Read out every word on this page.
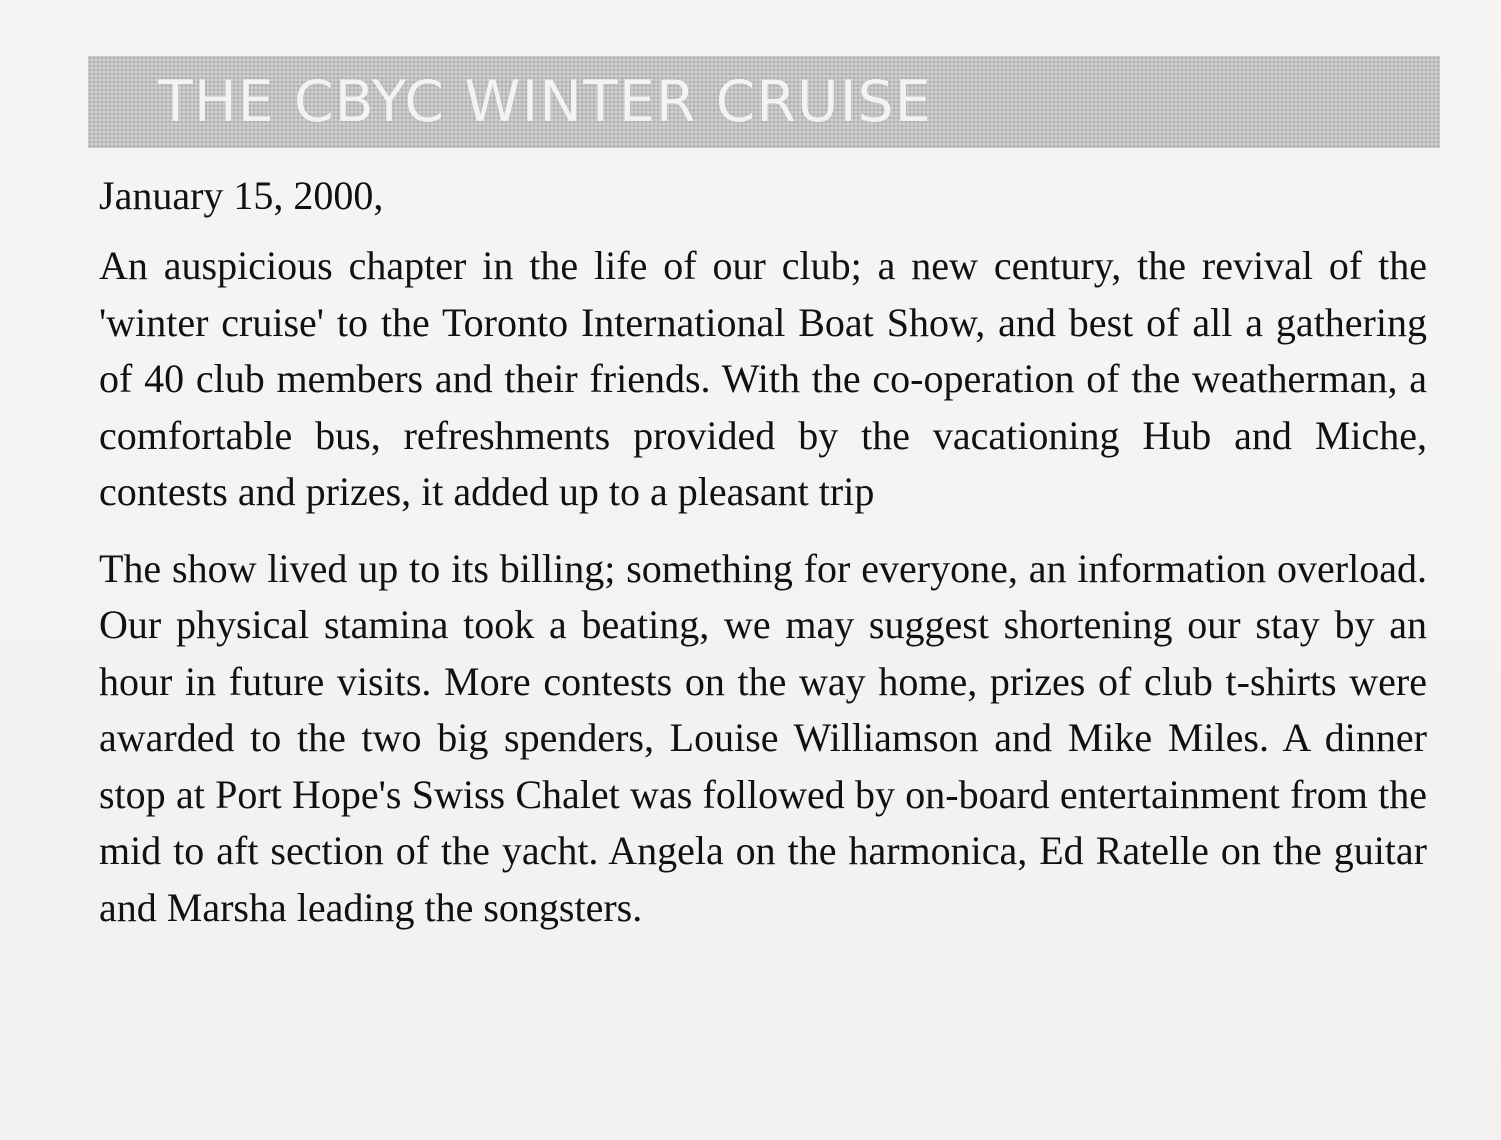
THE CBYC WINTER CRUISE

January 15, 2000,

An auspicious chapter in the life of our club; a new century, the revival of the 'winter cruise' to the Toronto International Boat Show, and best of all a gathering of 40 club members and their friends. With the co-operation of the weatherman, a comfortable bus, refreshments provided by the vacationing Hub and Miche, contests and prizes, it added up to a pleasant trip

The show lived up to its billing; something for everyone, an information overload. Our physical stamina took a beating, we may suggest shortening our stay by an hour in future visits. More contests on the way home, prizes of club t-shirts were awarded to the two big spenders, Louise Williamson and Mike Miles. A dinner stop at Port Hope's Swiss Chalet was followed by on-board entertainment from the mid to aft section of the yacht. Angela on the harmonica, Ed Ratelle on the guitar and Marsha leading the songsters.
